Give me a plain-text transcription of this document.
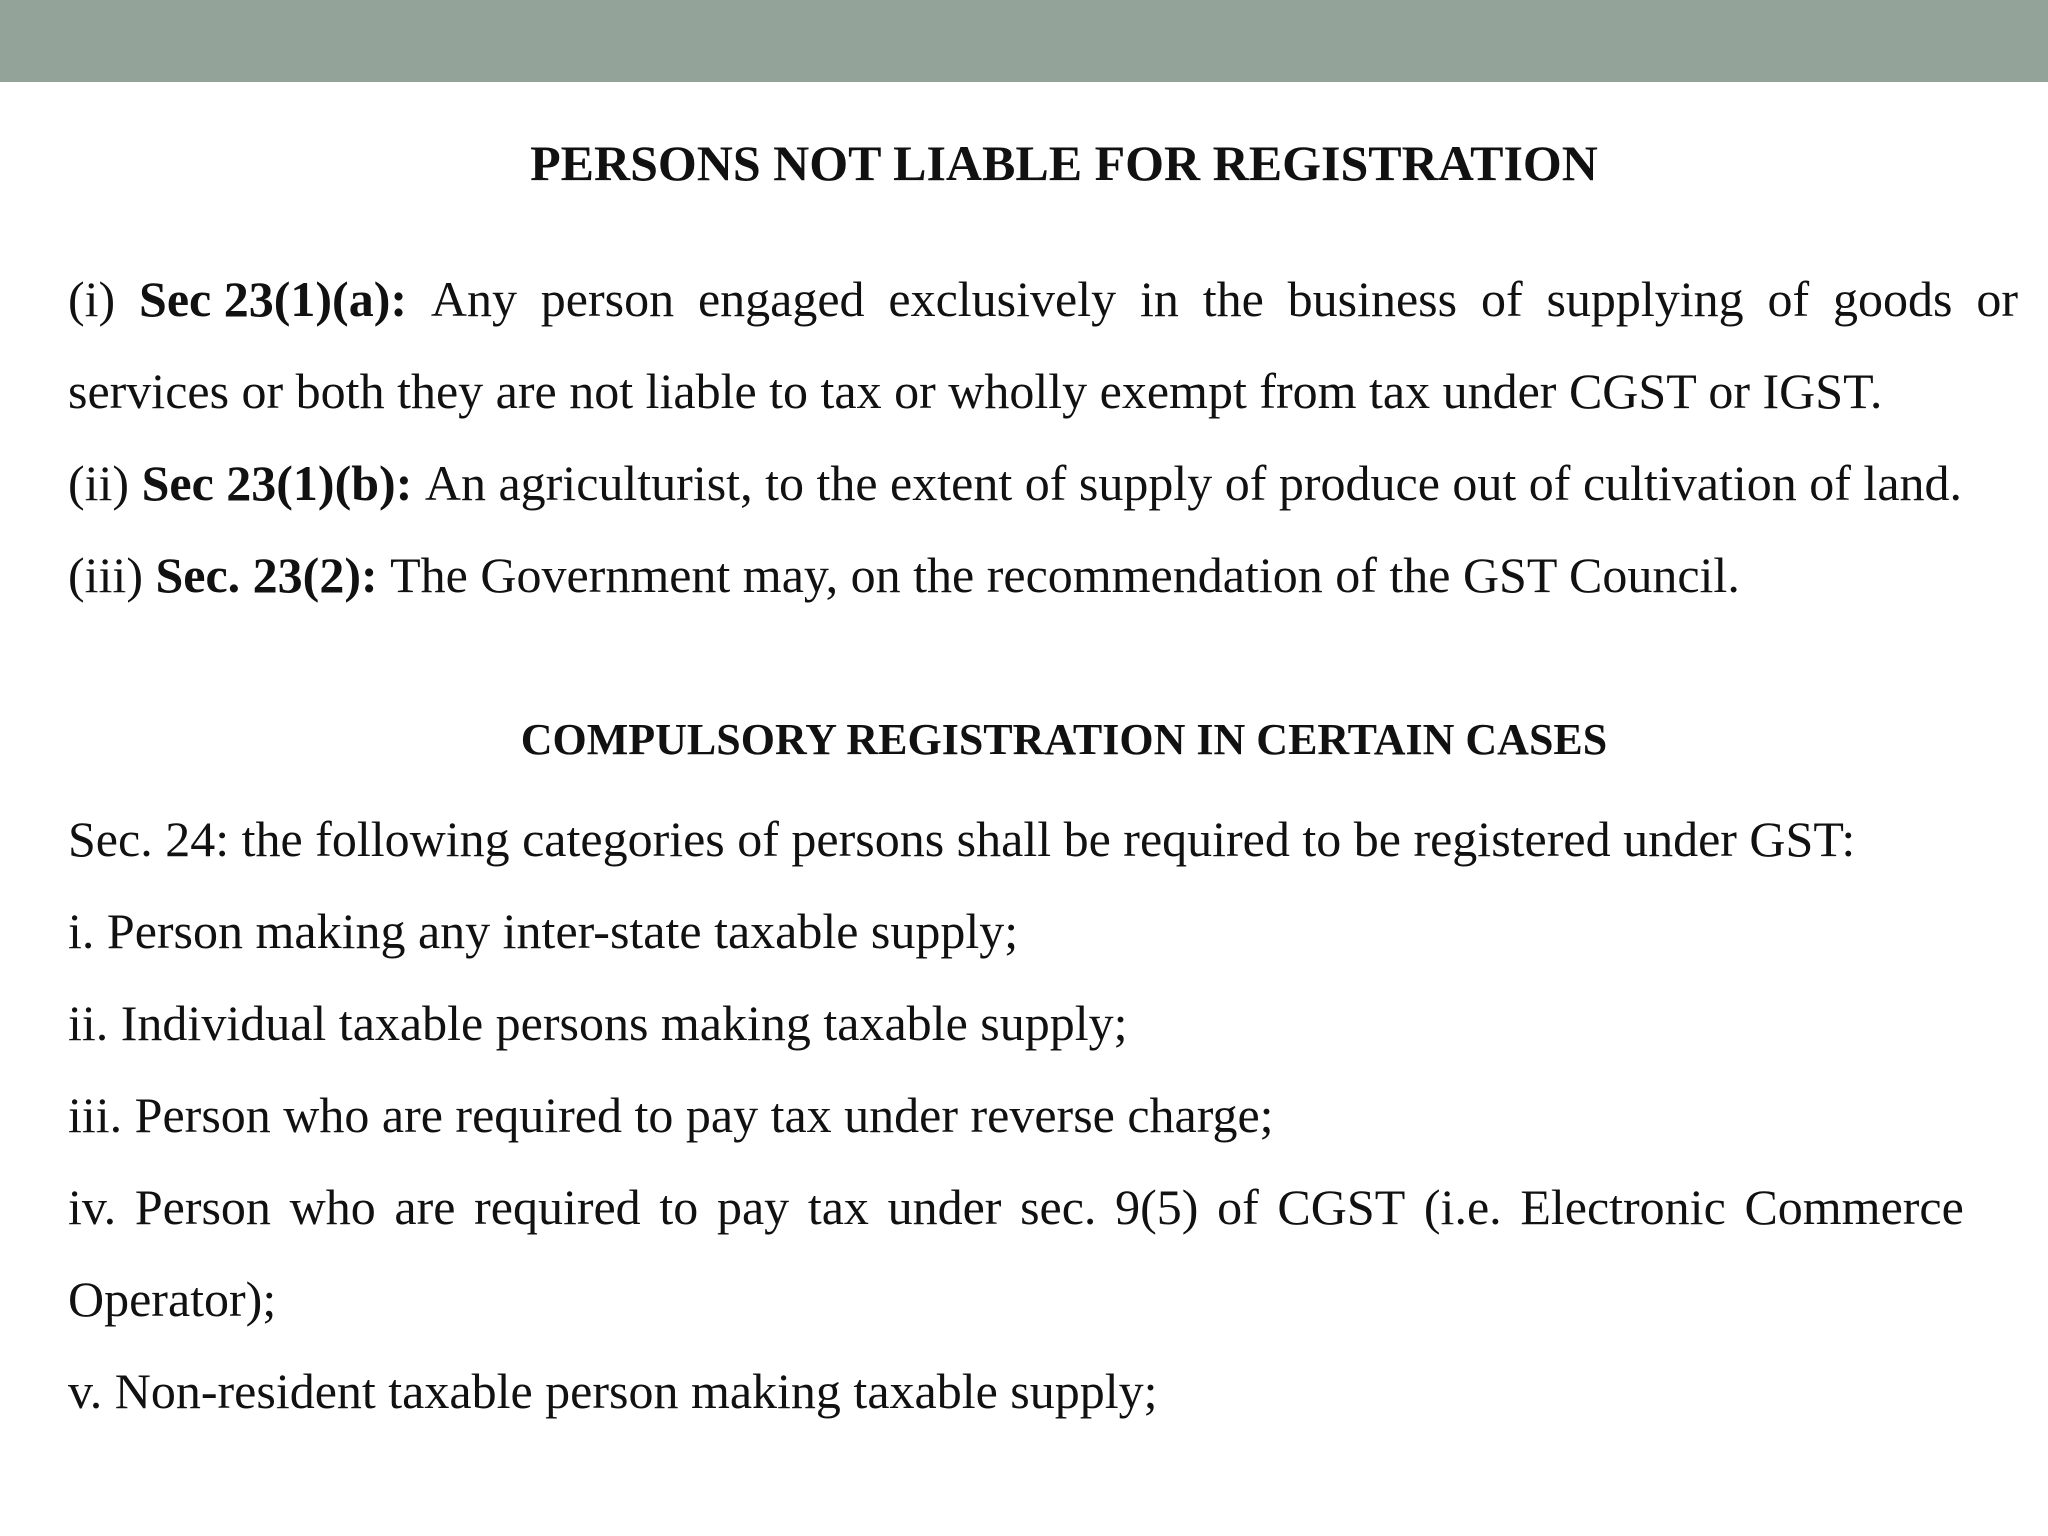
PERSONS NOT LIABLE FOR REGISTRATION
(i) Sec 23(1)(a): Any person engaged exclusively in the business of supplying of goods or
services or both they are not liable to tax or wholly exempt from tax under CGST or IGST.
(ii) Sec 23(1)(b): An agriculturist, to the extent of supply of produce out of cultivation of land.
(iii) Sec. 23(2): The Government may, on the recommendation of the GST Council.
COMPULSORY REGISTRATION IN CERTAIN CASES
Sec. 24: the following categories of persons shall be required to be registered under GST:
i. Person making any inter-state taxable supply;
ii. Individual taxable persons making taxable supply;
iii. Person who are required to pay tax under reverse charge;
iv. Person who are required to pay tax under sec. 9(5) of CGST (i.e. Electronic Commerce
Operator);
v. Non-resident taxable person making taxable supply;
